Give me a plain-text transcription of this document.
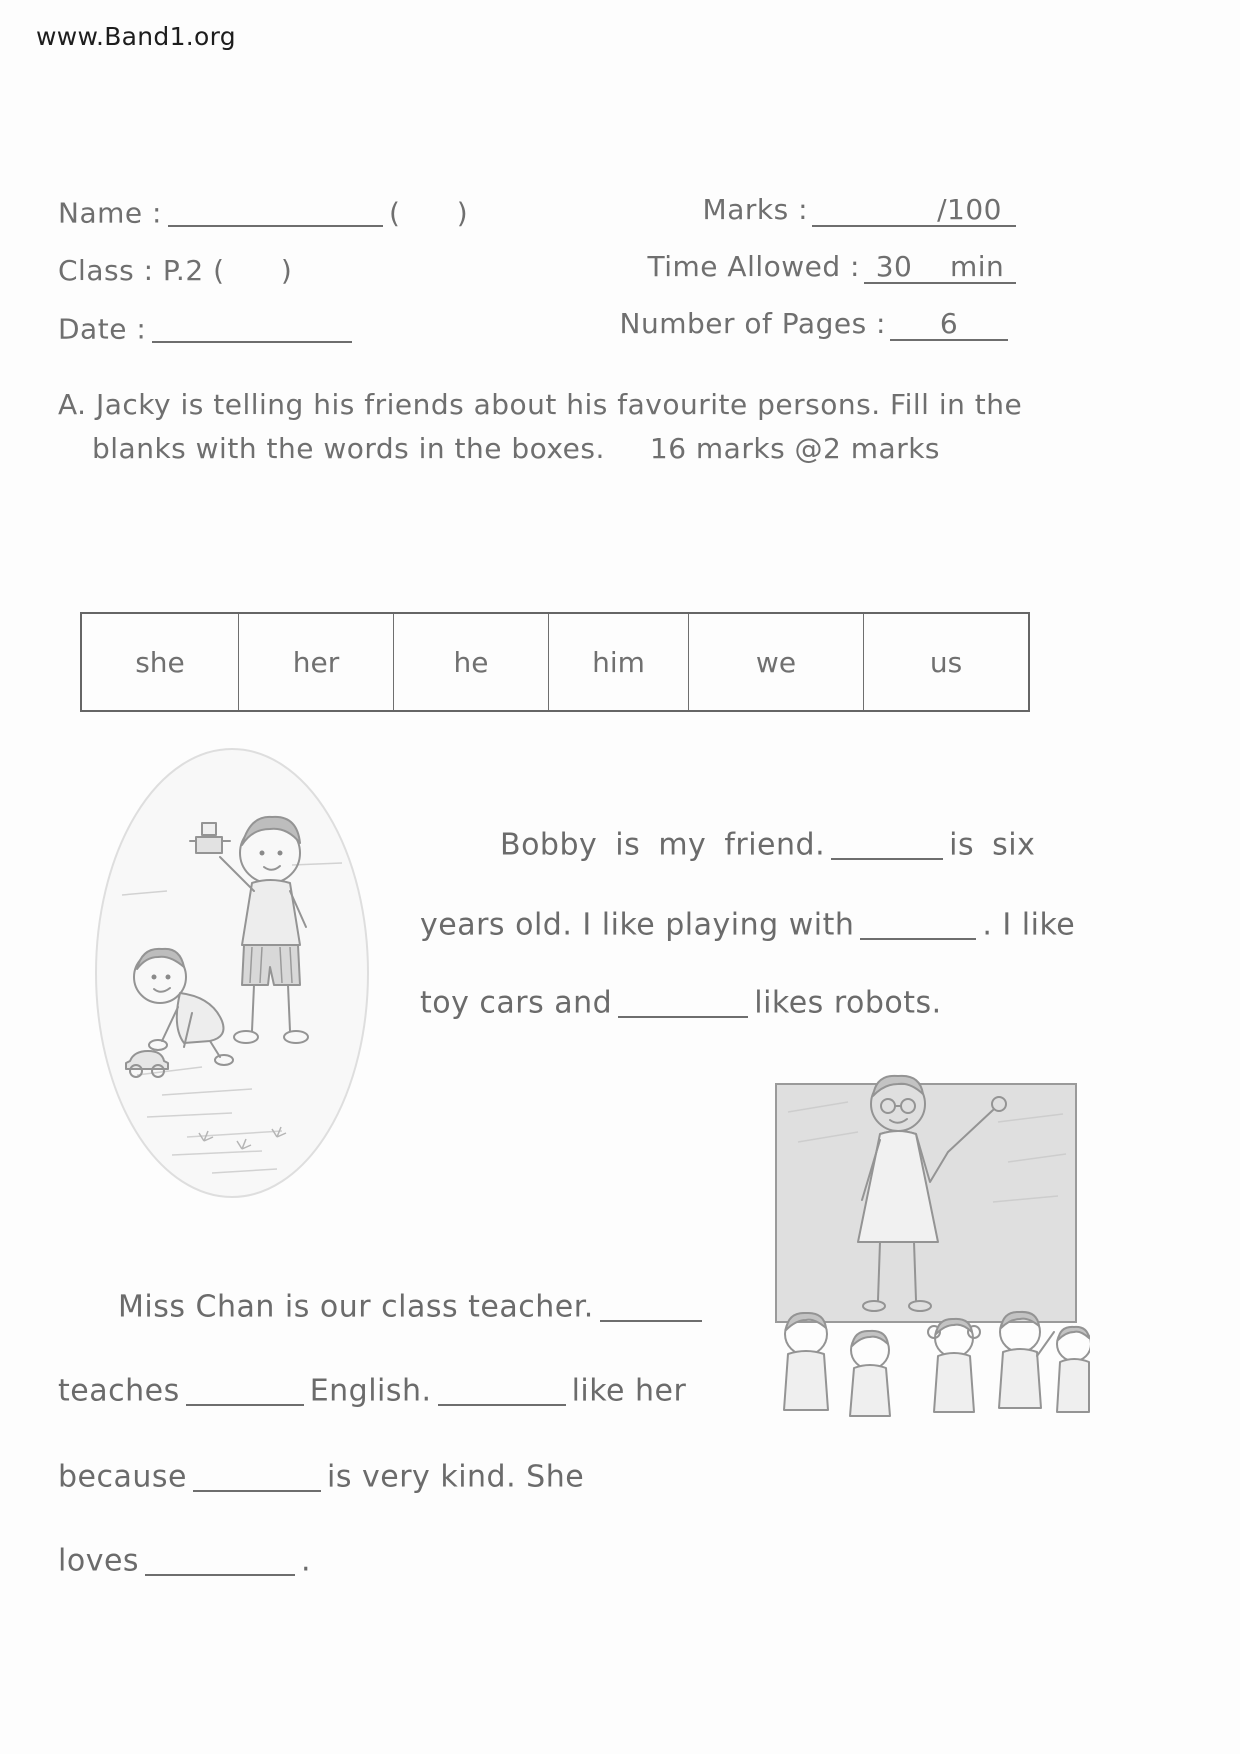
www.Band1.org
Name :	(      )
Class : P.2 (      )
Date :
Marks :	/100
Time Allowed : 30    min
Number of Pages :	6
A. Jacky is telling his friends about his favourite persons. Fill in the
blanks with the words in the boxes. 16 marks @2 marks
she	her	he	him	we	us
Bobby is my friend.	is six
years old. I like playing with	. I like
toy cars and	likes robots.
Miss Chan is our class teacher.
teaches	English.	like her
because	is very kind. She
loves	.
